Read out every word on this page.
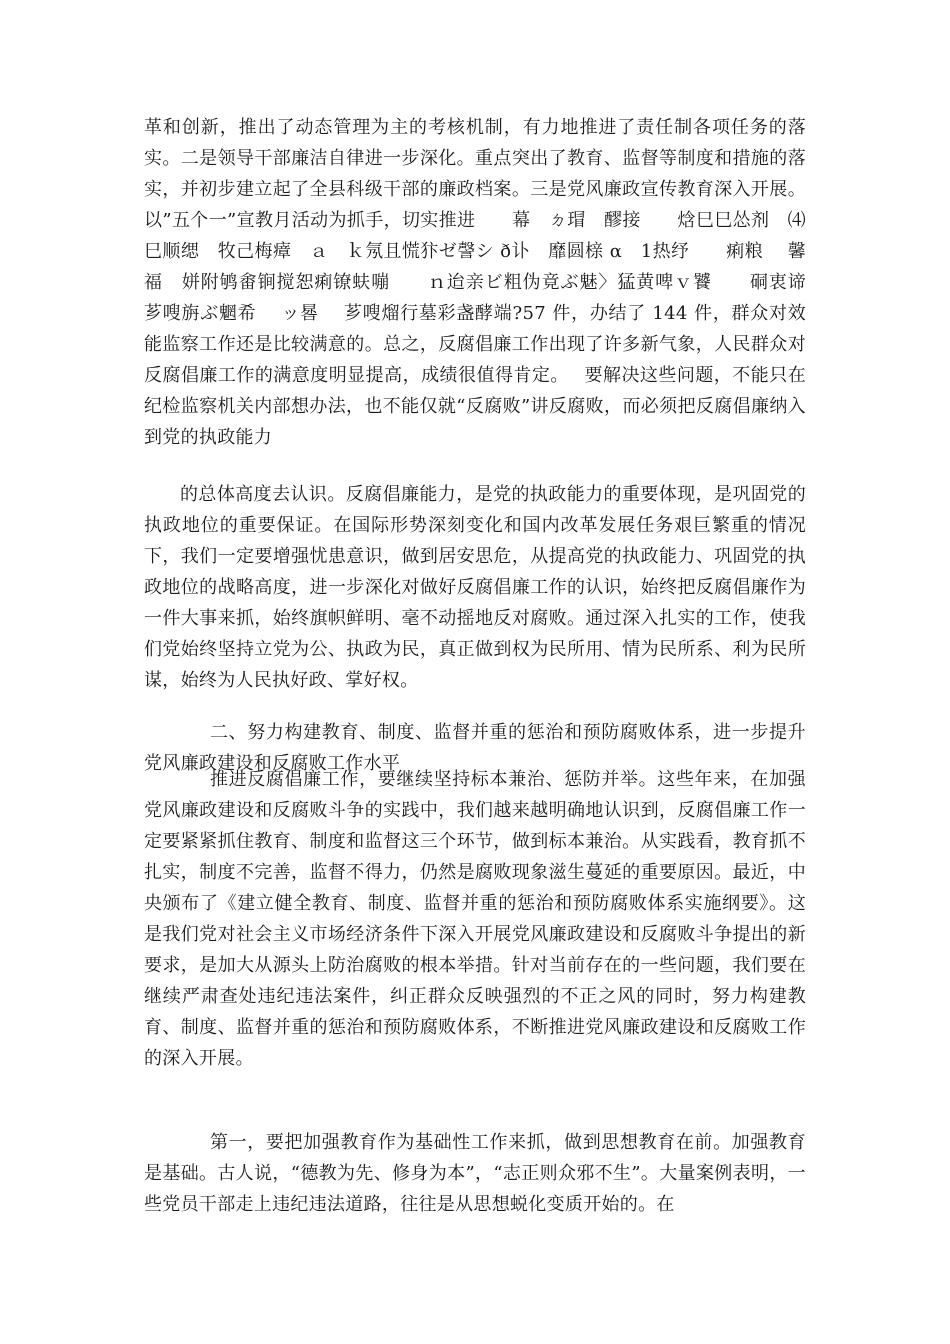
革和创新，推出了动态管理为主的考核机制，有力地推进了责任制各项任务的落实。二是领导干部廉洁自律进一步深化。重点突出了教育、监督等制度和措施的落实，并初步建立起了全县科级干部的廉政档案。三是党风廉政宣传教育深入开展。以”五个一”宣教月活动为抓手，切实推进　　幕　ㄉ瑁　醪接　　焓巳巳怂剂　⑷巳顺缌　牧己梅瘴　ａ　ｋ氖且慌犿ゼ謦シ ð讣　靡圆榇 α　1热纾　　痢粮　 馨福　姘附鸲畬锏搅恕痢镣蚨嘣　　ｎ迨亲ビ粗伪竟ぶ魅〉猛黄啤ｖ饕　　硐衷谛　 芗嗖旃ぶ魍希　 ッ晷　 芗嗖熘行墓彩盏酵端?57 件，办结了 144 件，群众对效能监察工作还是比较满意的。总之，反腐倡廉工作出现了许多新气象，人民群众对反腐倡廉工作的满意度明显提高，成绩很值得肯定。　 要解决这些问题，不能只在纪检监察机关内部想办法，也不能仅就“反腐败”讲反腐败，而必须把反腐倡廉纳入到党的执政能力

的总体高度去认识。反腐倡廉能力，是党的执政能力的重要体现，是巩固党的执政地位的重要保证。在国际形势深刻变化和国内改革发展任务艰巨繁重的情况下，我们一定要增强忧患意识，做到居安思危，从提高党的执政能力、巩固党的执政地位的战略高度，进一步深化对做好反腐倡廉工作的认识，始终把反腐倡廉作为一件大事来抓，始终旗帜鲜明、毫不动摇地反对腐败。通过深入扎实的工作，使我们党始终坚持立党为公、执政为民，真正做到权为民所用、情为民所系、利为民所谋，始终为人民执好政、掌好权。

二、努力构建教育、制度、监督并重的惩治和预防腐败体系，进一步提升党风廉政建设和反腐败工作水平

推进反腐倡廉工作，要继续坚持标本兼治、惩防并举。这些年来，在加强党风廉政建设和反腐败斗争的实践中，我们越来越明确地认识到，反腐倡廉工作一定要紧紧抓住教育、制度和监督这三个环节，做到标本兼治。从实践看，教育抓不扎实，制度不完善，监督不得力，仍然是腐败现象滋生蔓延的重要原因。最近，中央颁布了《建立健全教育、制度、监督并重的惩治和预防腐败体系实施纲要》。这是我们党对社会主义市场经济条件下深入开展党风廉政建设和反腐败斗争提出的新要求，是加大从源头上防治腐败的根本举措。针对当前存在的一些问题，我们要在继续严肃查处违纪违法案件，纠正群众反映强烈的不正之风的同时，努力构建教育、制度、监督并重的惩治和预防腐败体系，不断推进党风廉政建设和反腐败工作的深入开展。

第一，要把加强教育作为基础性工作来抓，做到思想教育在前。加强教育是基础。古人说，“德教为先、修身为本”，“志正则众邪不生”。大量案例表明，一些党员干部走上违纪违法道路，往往是从思想蜕化变质开始的。在
